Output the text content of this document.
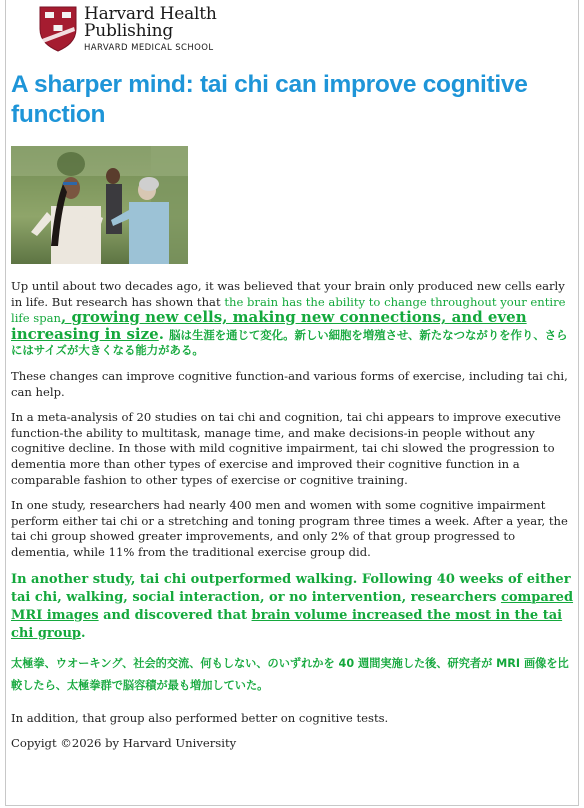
Harvard Health
Publishing
HARVARD MEDICAL SCHOOL
A sharper mind: tai chi can improve cognitive function

Up until about two decades ago, it was believed that your brain only produced new cells early in life. But research has shown that the brain has the ability to change throughout your entire life span, growing new cells, making new connections, and even increasing in size. 脳は生涯を通じて変化。新しい細胞を増殖させ、新たなつながりを作り、さらにはサイズが大きくなる能力がある。

These changes can improve cognitive function-and various forms of exercise, including tai chi, can help.

In a meta-analysis of 20 studies on tai chi and cognition, tai chi appears to improve executive function-the ability to multitask, manage time, and make decisions-in people without any cognitive decline. In those with mild cognitive impairment, tai chi slowed the progression to dementia more than other types of exercise and improved their cognitive function in a comparable fashion to other types of exercise or cognitive training.

In one study, researchers had nearly 400 men and women with some cognitive impairment perform either tai chi or a stretching and toning program three times a week. After a year, the tai chi group showed greater improvements, and only 2% of that group progressed to dementia, while 11% from the traditional exercise group did.

In another study, tai chi outperformed walking. Following 40 weeks of either tai chi, walking, social interaction, or no intervention, researchers compared MRI images and discovered that brain volume increased the most in the tai chi group.

太極拳、ウオーキング、社会的交流、何もしない、のいずれかを 40 週間実施した後、研究者が MRI 画像を比較したら、太極拳群で脳容積が最も増加していた。

In addition, that group also performed better on cognitive tests.

Copyigt ©2026 by Harvard University
